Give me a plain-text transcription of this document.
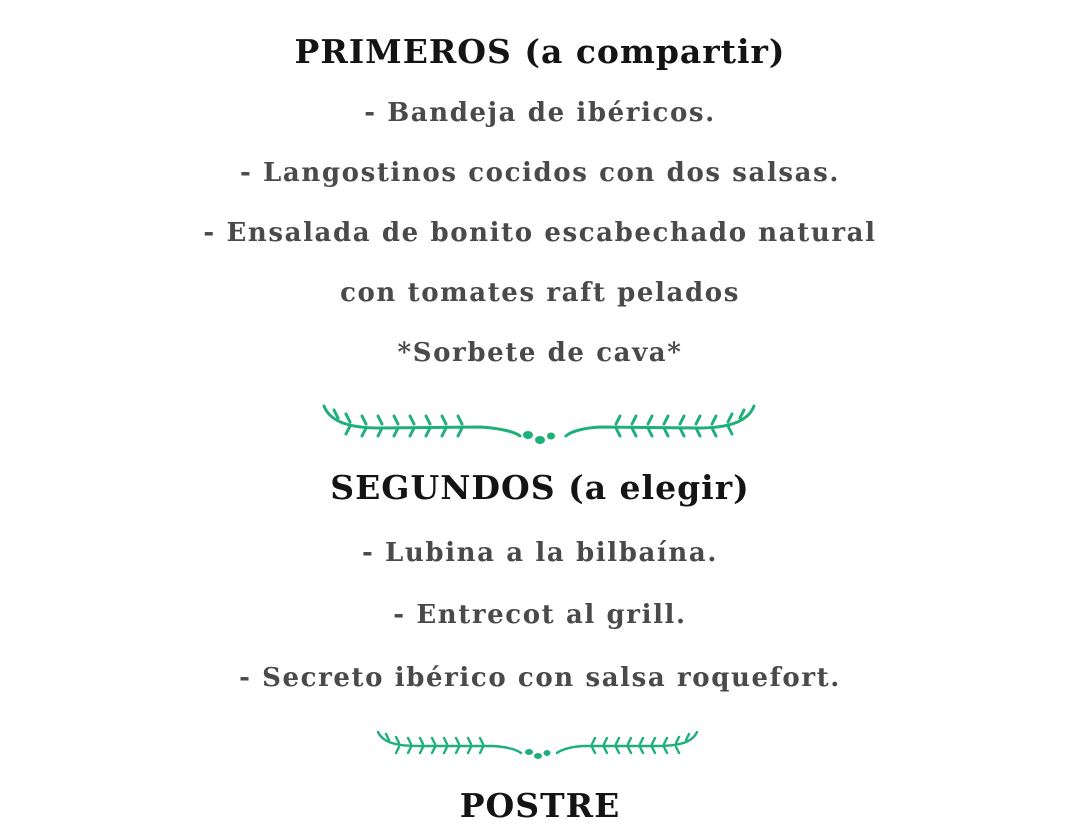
PRIMEROS (a compartir)
- Bandeja de ibéricos.
- Langostinos cocidos con dos salsas.
- Ensalada de bonito escabechado natural
con tomates raft pelados
*Sorbete de cava*
SEGUNDOS (a elegir)
- Lubina a la bilbaína.
- Entrecot al grill.
- Secreto ibérico con salsa roquefort.
POSTRE
